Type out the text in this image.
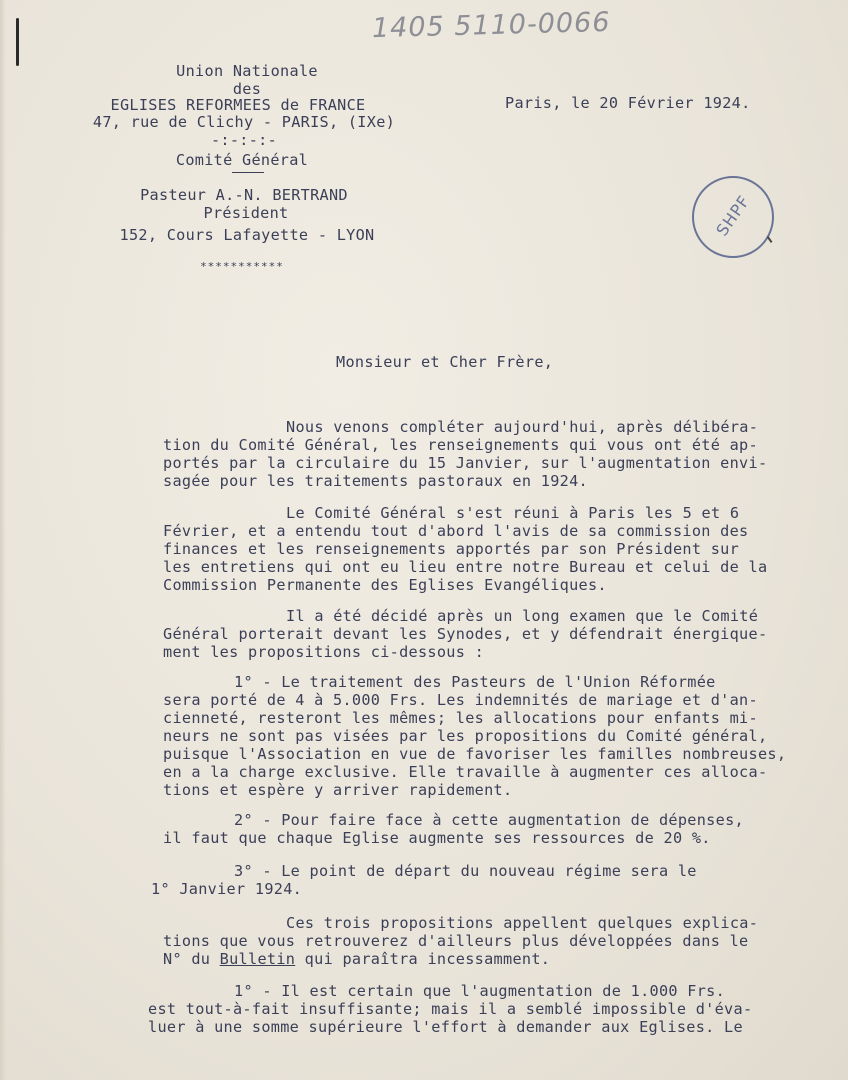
1405 5110-0066
Union Nationale
des
EGLISES REFORMEES de FRANCE
47, rue de Clichy - PARIS, (IXe)
-:-:-:-
Comité Général
Pasteur A.-N. BERTRAND
Président
152, Cours Lafayette - LYON
***********
Paris, le 20 Février 1924.
SHPF
Monsieur et Cher Frère,
Nous venons compléter aujourd'hui, après délibéra-
tion du Comité Général, les renseignements qui vous ont été ap-
portés par la circulaire du 15 Janvier, sur l'augmentation envi-
sagée pour les traitements pastoraux en 1924.
Le Comité Général s'est réuni à Paris les 5 et 6
Février, et a entendu tout d'abord l'avis de sa commission des
finances et les renseignements apportés par son Président sur
les entretiens qui ont eu lieu entre notre Bureau et celui de la
Commission Permanente des Eglises Evangéliques.
Il a été décidé après un long examen que le Comité
Général porterait devant les Synodes, et y défendrait énergique-
ment les propositions ci-dessous :
1° - Le traitement des Pasteurs de l'Union Réformée
sera porté de 4 à 5.000 Frs. Les indemnités de mariage et d'an-
cienneté, resteront les mêmes; les allocations pour enfants mi-
neurs ne sont pas visées par les propositions du Comité général,
puisque l'Association en vue de favoriser les familles nombreuses,
en a la charge exclusive. Elle travaille à augmenter ces alloca-
tions et espère y arriver rapidement.
2° - Pour faire face à cette augmentation de dépenses,
il faut que chaque Eglise augmente ses ressources de 20 %.
3° - Le point de départ du nouveau régime sera le
1° Janvier 1924.
Ces trois propositions appellent quelques explica-
tions que vous retrouverez d'ailleurs plus développées dans le
N° du Bulletin qui paraîtra incessamment.
1° - Il est certain que l'augmentation de 1.000 Frs.
est tout-à-fait insuffisante; mais il a semblé impossible d'éva-
luer à une somme supérieure l'effort à demander aux Eglises. Le
